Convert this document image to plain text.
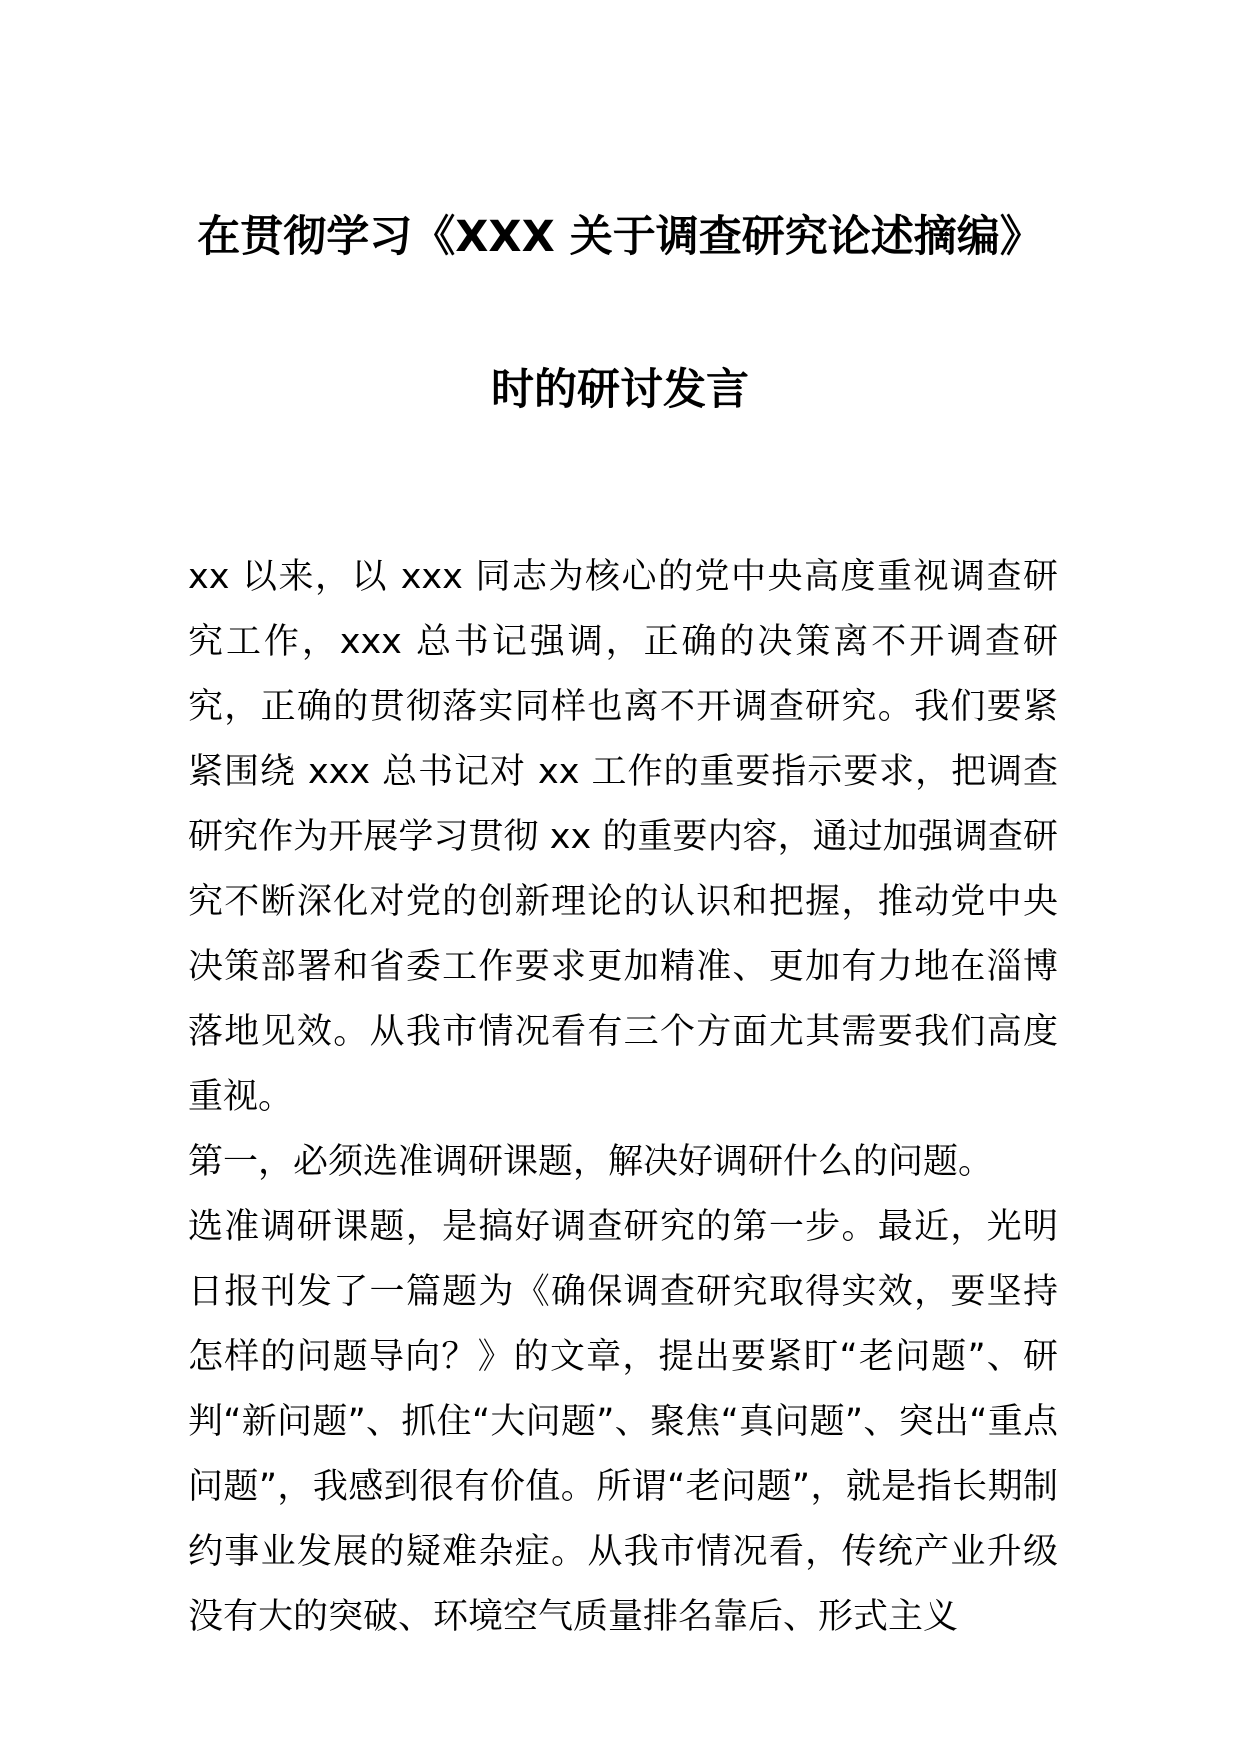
在贯彻学习《XXX 关于调查研究论述摘编》
时的研讨发言

xx 以来，以 xxx 同志为核心的党中央高度重视调查研究工作，xxx 总书记强调，正确的决策离不开调查研究，正确的贯彻落实同样也离不开调查研究。我们要紧紧围绕 xxx 总书记对 xx 工作的重要指示要求，把调查研究作为开展学习贯彻 xx 的重要内容，通过加强调查研究不断深化对党的创新理论的认识和把握，推动党中央决策部署和省委工作要求更加精准、更加有力地在淄博落地见效。从我市情况看有三个方面尤其需要我们高度重视。

第一，必须选准调研课题，解决好调研什么的问题。

选准调研课题，是搞好调查研究的第一步。最近，光明日报刊发了一篇题为《确保调查研究取得实效，要坚持怎样的问题导向？》的文章，提出要紧盯“老问题”、研判“新问题”、抓住“大问题”、聚焦“真问题”、突出“重点问题”，我感到很有价值。所谓“老问题”，就是指长期制约事业发展的疑难杂症。从我市情况看，传统产业升级没有大的突破、环境空气质量排名靠后、形式主义
